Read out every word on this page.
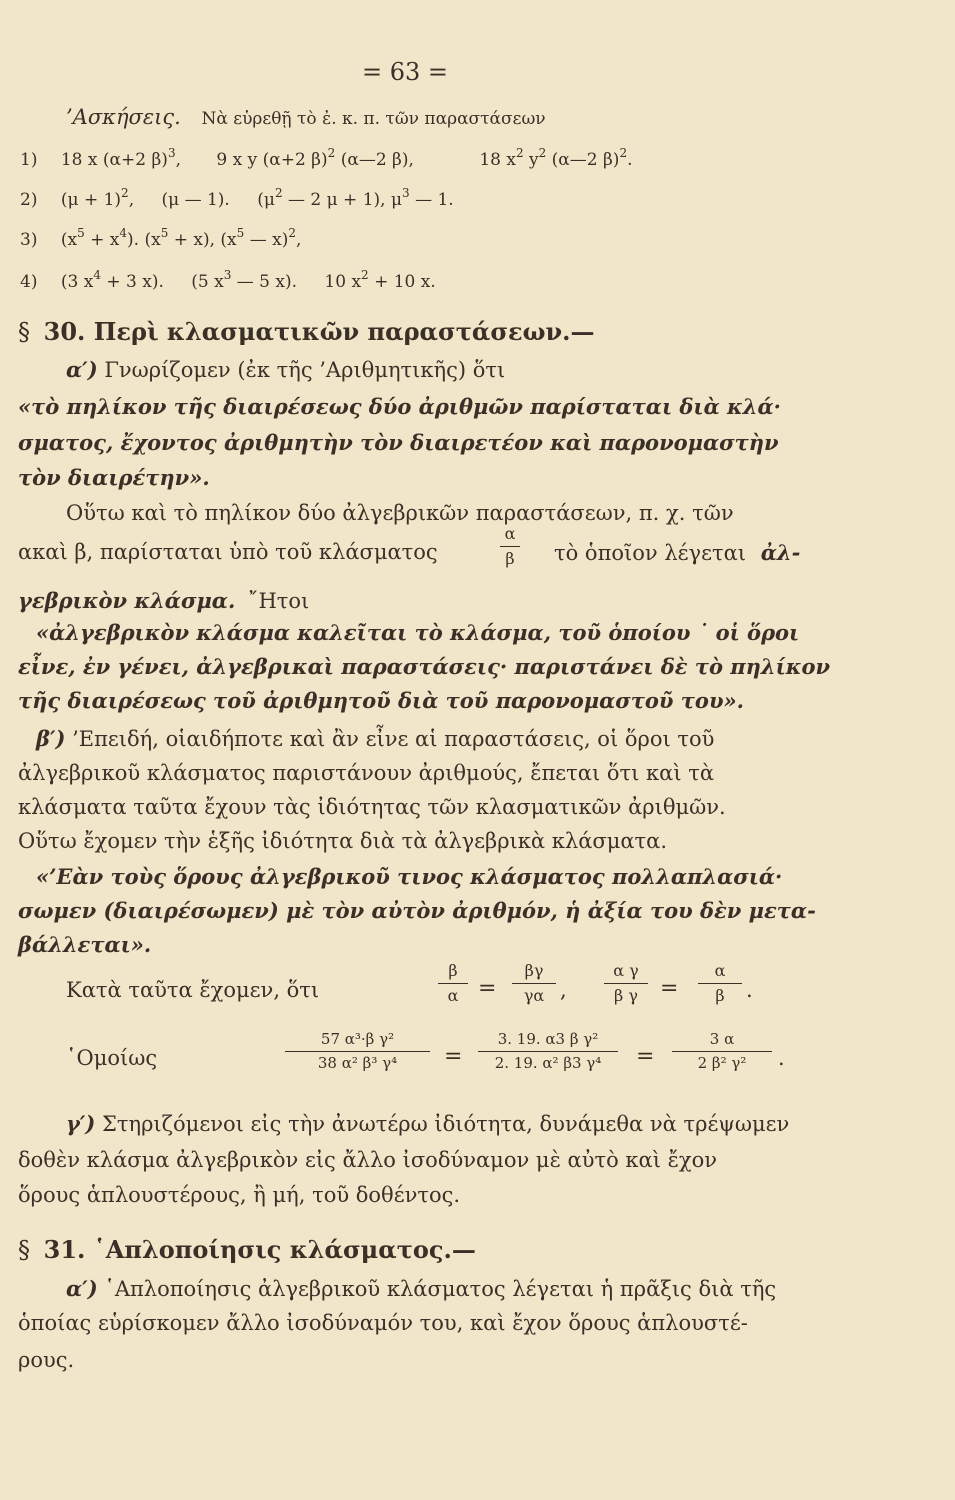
= 63 =
’Ασκήσεις. Νὰ εὑρεθῇ τὸ ἐ. κ. π. τῶν παραστάσεων
1) 18 x (α+2 β)$^3$, 9 x y (α+2 β)$^2$ (α—2 β),	18 $x^2$ $y^2$ (α—2 β)$^2$.
2) $(\mu + 1)^2$, (μ — 1). ($\mu^2$ — 2 μ + 1), $\mu^3$ — 1.
3) $(x^5 + x^4)$. $(x^5 + x)$, ($x^5$ — x)$^2$,
4) (3 $x^4 + 3$ x). (5 $x^3$ — 5 x). 10 $x^2 + 10$ x.
§ 30. Περὶ κλασματικῶν παραστάσεων.—
α′) Γνωρίζομεν (ἐκ τῆς ’Αριθμητικῆς) ὅτι
«τὸ πηλίκον τῆς διαιρέσεως δύο ἀριθμῶν παρίσταται διὰ κλά·
σματος, ἔχοντος ἀριθμητὴν τὸν διαιρετέον καὶ παρονομαστὴν
τὸν διαιρέτην».
Οὕτω καὶ τὸ πηλίκον δύο ἀλγεβρικῶν παραστάσεων, π. χ. τῶν
ακαὶ β, παρίσταται ὑπὸ τοῦ κλάσματος
α
β τὸ ὁποῖον λέγεται ἀλ-
γεβρικὸν κλάσμα. ῎Ητοι
«ἀλγεβρικὸν κλάσμα καλεῖται τὸ κλάσμα, τοῦ ὁποίου ˙ οἱ ὅροι
εἶνε, ἐν γένει, ἀλγεβρικαὶ παραστάσεις· παριστάνει δὲ τὸ πηλίκον
τῆς διαιρέσεως τοῦ ἀριθμητοῦ διὰ τοῦ παρονομαστοῦ του».
β′) ’Επειδή, οἱαιδήποτε καὶ ἂν εἶνε αἱ παραστάσεις, οἱ ὅροι τοῦ
ἀλγεβρικοῦ κλάσματος παριστάνουν ἀριθμούς, ἔπεται ὅτι καὶ τὰ
κλάσματα ταῦτα ἔχουν τὰς ἰδιότητας τῶν κλασματικῶν ἀριθμῶν.
Οὕτω ἔχομεν τὴν ἑξῆς ἰδιότητα διὰ τὰ ἀλγεβρικὰ κλάσματα.
«’Εὰν τοὺς ὅρους ἀλγεβρικοῦ τινος κλάσματος πολλαπλασιά·
σωμεν (διαιρέσωμεν) μὲ τὸν αὐτὸν ἀριθμόν, ἡ ἀξία του δὲν μετα-
βάλλεται».
Κατὰ ταῦτα ἔχομεν, ὅτι
β
α =
βγ
γα ,
α γ
β γ	=
α
β	.
῾Ομοίως
57 α³·β γ²
38 α² β³ γ⁴	=
3. 19. α3 β γ²
2. 19. α² β3 γ⁴	=
3 α
2 β² γ²	.
γ′) Στηριζόμενοι εἰς τὴν ἀνωτέρω ἰδιότητα, δυνάμεθα νὰ τρέψωμεν
δοθὲν κλάσμα ἀλγεβρικὸν εἰς ἄλλο ἰσοδύναμον μὲ αὐτὸ καὶ ἔχον
ὅρους ἁπλουστέρους, ἢ μή, τοῦ δοθέντος.
§ 31. ῾Απλοποίησις κλάσματος.—
α′) ῾Απλοποίησις ἀλγεβρικοῦ κλάσματος λέγεται ἡ πρᾶξις διὰ τῆς
ὁποίας εὑρίσκομεν ἄλλο ἰσοδύναμόν του, καὶ ἔχον ὅρους ἁπλουστέ-
ρους.
